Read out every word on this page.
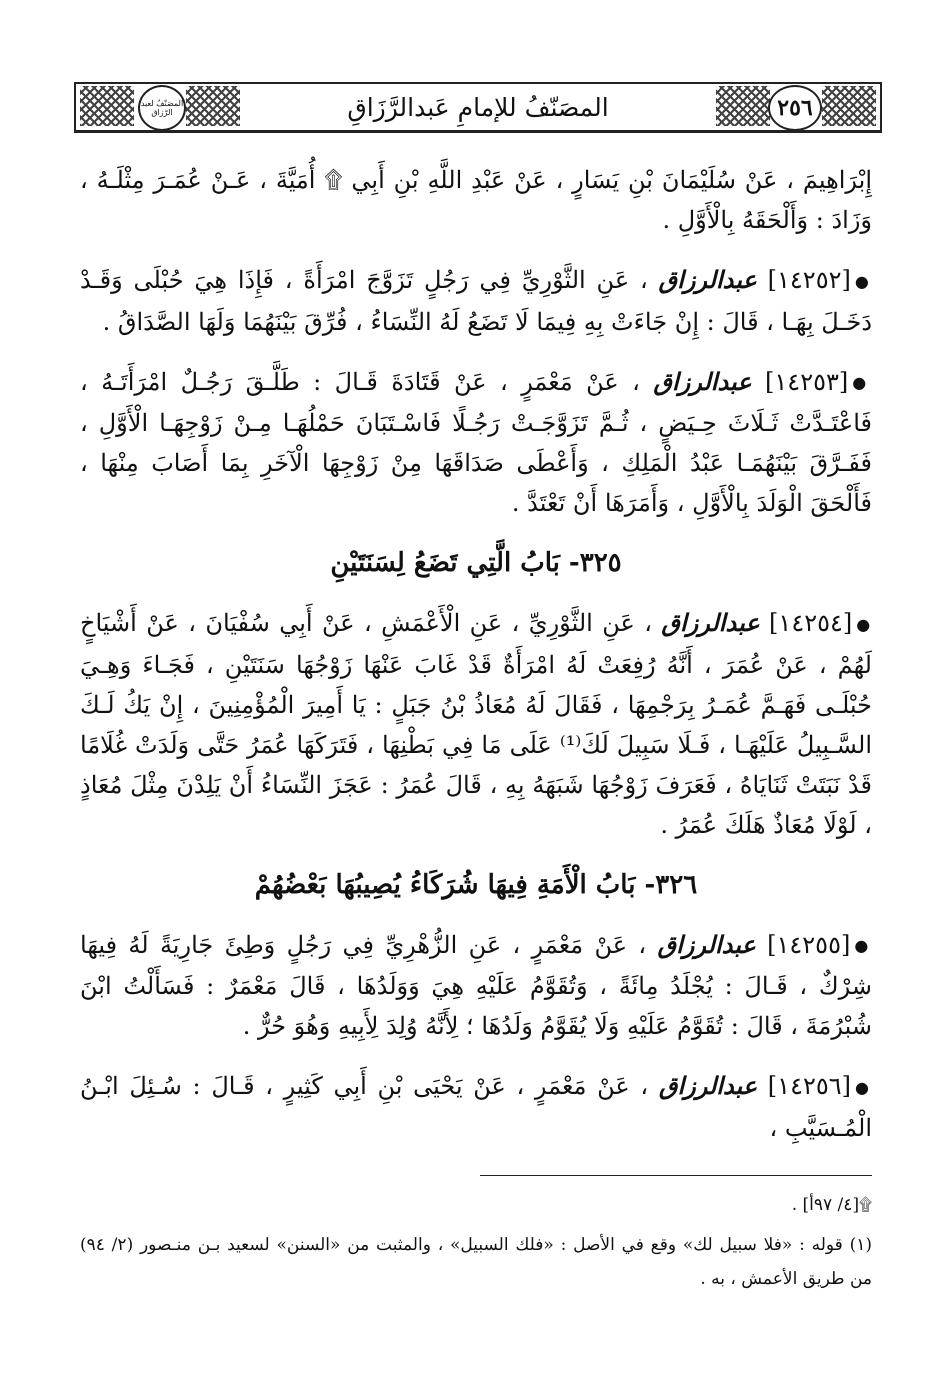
المصَنّفُ لعبد الرّزاق	المصَنّفُ للإمامِ عَبدالرَّزَاقِ	٢٥٦

إِبْرَاهِيمَ ، عَنْ سُلَيْمَانَ بْنِ يَسَارٍ ، عَنْ عَبْدِ اللَّهِ بْنِ أَبِي ۩ أُمَيَّةَ ، عَـنْ عُمَـرَ مِثْلَـهُ ، وَزَادَ : وَأَلْحَقَهُ بِالْأَوَّلِ .

●[١٤٢٥٢] عبدالرزاق ، عَنِ الثَّوْرِيِّ فِي رَجُلٍ تَزَوَّجَ امْرَأَةً ، فَإِذَا هِيَ حُبْلَى وَقَـدْ دَخَـلَ بِهَـا ، قَالَ : إِنْ جَاءَتْ بِهِ فِيمَا لَا تَضَعُ لَهُ النِّسَاءُ ، فُرِّقَ بَيْنَهُمَا وَلَهَا الصَّدَاقُ .

●[١٤٢٥٣] عبدالرزاق ، عَنْ مَعْمَرٍ ، عَنْ قَتَادَةَ قَـالَ : طَلَّـقَ رَجُـلٌ امْرَأَتَـهُ ، فَاعْتَـدَّتْ ثَـلَاثَ حِـيَضٍ ، ثُـمَّ تَزَوَّجَـتْ رَجُـلًا فَاسْـتَبَانَ حَمْلُهَـا مِـنْ زَوْجِهَـا الْأَوَّلِ ، فَفَـرَّقَ بَيْنَهُمَـا عَبْدُ الْمَلِكِ ، وَأَعْطَى صَدَاقَهَا مِنْ زَوْجِهَا الْآخَرِ بِمَا أَصَابَ مِنْهَا ، فَأَلْحَقَ الْوَلَدَ بِالْأَوَّلِ ، وَأَمَرَهَا أَنْ تَعْتَدَّ .

٣٢٥- بَابُ الَّتِي تَضَعُ لِسَنَتَيْنِ

●[١٤٢٥٤] عبدالرزاق ، عَنِ الثَّوْرِيِّ ، عَنِ الْأَعْمَشِ ، عَنْ أَبِي سُفْيَانَ ، عَنْ أَشْيَاخٍ لَهُمْ ، عَنْ عُمَرَ ، أَنَّهُ رُفِعَتْ لَهُ امْرَأَةٌ قَدْ غَابَ عَنْهَا زَوْجُهَا سَنَتَيْنِ ، فَجَـاءَ وَهِـيَ حُبْلَـى فَهَـمَّ عُمَـرُ بِرَجْمِهَا ، فَقَالَ لَهُ مُعَاذُ بْنُ جَبَلٍ : يَا أَمِيرَ الْمُؤْمِنِينَ ، إِنْ يَكُ لَـكَ السَّـبِيلُ عَلَيْهَـا ، فَـلَا سَبِيلَ لَكَ⁽¹⁾ عَلَى مَا فِي بَطْنِهَا ، فَتَرَكَهَا عُمَرُ حَتَّى وَلَدَتْ غُلَامًا قَدْ نَبَتَتْ ثَنَايَاهُ ، فَعَرَفَ زَوْجُهَا شَبَهَهُ بِهِ ، قَالَ عُمَرُ : عَجَزَ النِّسَاءُ أَنْ يَلِدْنَ مِثْلَ مُعَاذٍ ، لَوْلَا مُعَاذٌ هَلَكَ عُمَرُ .

٣٢٦- بَابُ الْأَمَةِ فِيهَا شُرَكَاءُ يُصِيبُهَا بَعْضُهُمْ

●[١٤٢٥٥] عبدالرزاق ، عَنْ مَعْمَرٍ ، عَنِ الزُّهْرِيِّ فِي رَجُلٍ وَطِئَ جَارِيَةً لَهُ فِيهَا شِرْكٌ ، قَـالَ : يُجْلَدُ مِائَةً ، وَتُقَوَّمُ عَلَيْهِ هِيَ وَوَلَدُهَا ، قَالَ مَعْمَرٌ : فَسَأَلْتُ ابْنَ شُبْرُمَةَ ، قَالَ : تُقَوَّمُ عَلَيْهِ وَلَا يُقَوَّمُ وَلَدُهَا ؛ لِأَنَّهُ وُلِدَ لِأَبِيهِ وَهُوَ حُرٌّ .

●[١٤٢٥٦] عبدالرزاق ، عَنْ مَعْمَرٍ ، عَنْ يَحْيَى بْنِ أَبِي كَثِيرٍ ، قَـالَ : سُـئِلَ ابْـنُ الْمُـسَيَّبِ ،

۩[٤/ ٩٧أ] .

(١) قوله : «فلا سبيل لك» وقع في الأصل : «فلك السبيل» ، والمثبت من «السنن» لسعيد بـن منـصور (٢/ ٩٤) من طريق الأعمش ، به .
